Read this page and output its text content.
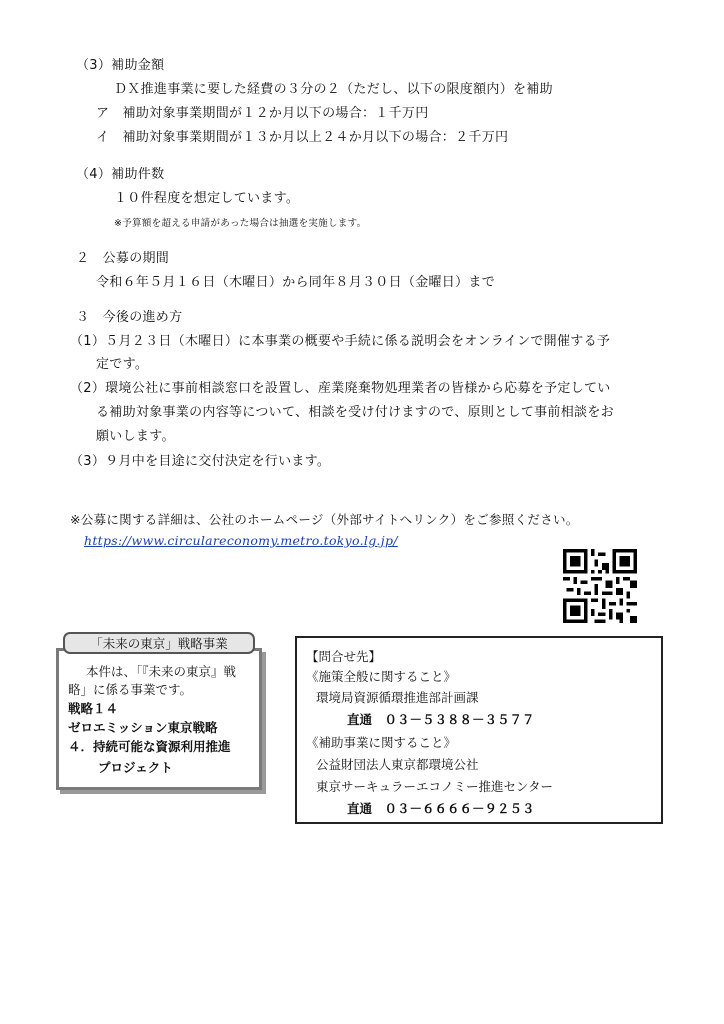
（3）補助金額
ＤＸ推進事業に要した経費の３分の２（ただし、以下の限度額内）を補助
ア　補助対象事業期間が１２か月以下の場合：１千万円
イ　補助対象事業期間が１３か月以上２４か月以下の場合：２千万円
（4）補助件数
１０件程度を想定しています。
※予算額を超える申請があった場合は抽選を実施します。
２　公募の期間
令和６年５月１６日（木曜日）から同年８月３０日（金曜日）まで
３　今後の進め方
（1）５月２３日（木曜日）に本事業の概要や手続に係る説明会をオンラインで開催する予
定です。
（2）環境公社に事前相談窓口を設置し、産業廃棄物処理業者の皆様から応募を予定してい
る補助対象事業の内容等について、相談を受け付けますので、原則として事前相談をお
願いします。
（3）９月中を目途に交付決定を行います。
※公募に関する詳細は、公社のホームページ（外部サイトへリンク）をご参照ください。
https://www.circulareconomy.metro.tokyo.lg.jp/
「未来の東京」戦略事業
本件は、「『未来の東京』戦
略」に係る事業です。
戦略１４
ゼロエミッション東京戦略
４．持続可能な資源利用推進
プロジェクト
【問合せ先】
《施策全般に関すること》
環境局資源循環推進部計画課
直通　０３－５３８８－３５７７
《補助事業に関すること》
公益財団法人東京都環境公社
東京サーキュラーエコノミー推進センター
直通　０３－６６６６－９２５３
